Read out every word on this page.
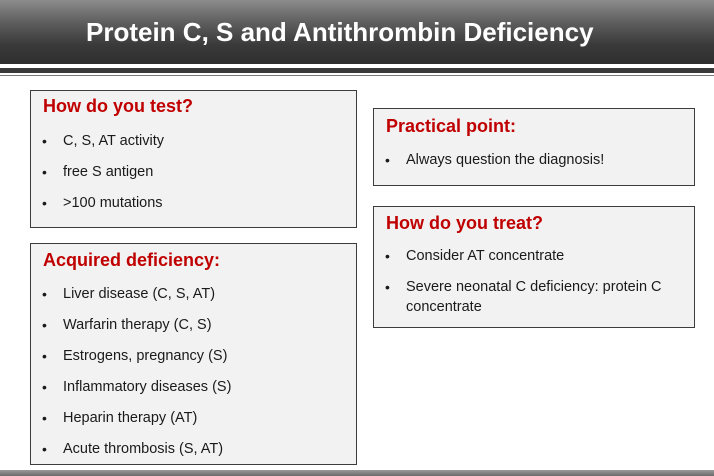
Protein C, S and Antithrombin Deficiency
How do you test?
• C, S, AT activity
• free S antigen
• >100 mutations
Acquired deficiency:
• Liver disease (C, S, AT)
• Warfarin therapy (C, S)
• Estrogens, pregnancy (S)
• Inflammatory diseases (S)
• Heparin therapy (AT)
• Acute thrombosis (S, AT)
Practical point:
• Always question the diagnosis!
How do you treat?
• Consider AT concentrate
• Severe neonatal C deficiency: protein C concentrate
